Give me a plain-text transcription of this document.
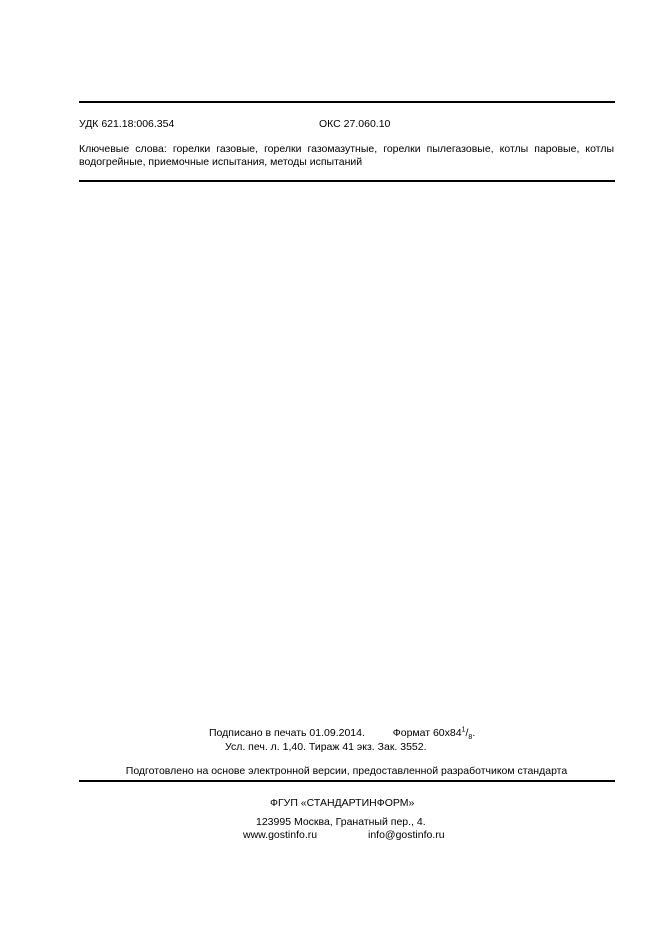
УДК 621.18:006.354	ОКС 27.060.10
Ключевые слова: горелки газовые, горелки газомазутные, горелки пылегазовые, котлы паровые, котлы водогрейные, приемочные испытания, методы испытаний
Подписано в печать 01.09.2014.	Формат $60x84^1/_8$.
Усл. печ. л. 1,40. Тираж 41 экз. Зак. 3552.
Подготовлено на основе электронной версии, предоставленной разработчиком стандарта
ФГУП «СТАНДАРТИНФОРМ»
123995 Москва, Гранатный пер., 4.
www.gostinfo.ru	info@gostinfo.ru
